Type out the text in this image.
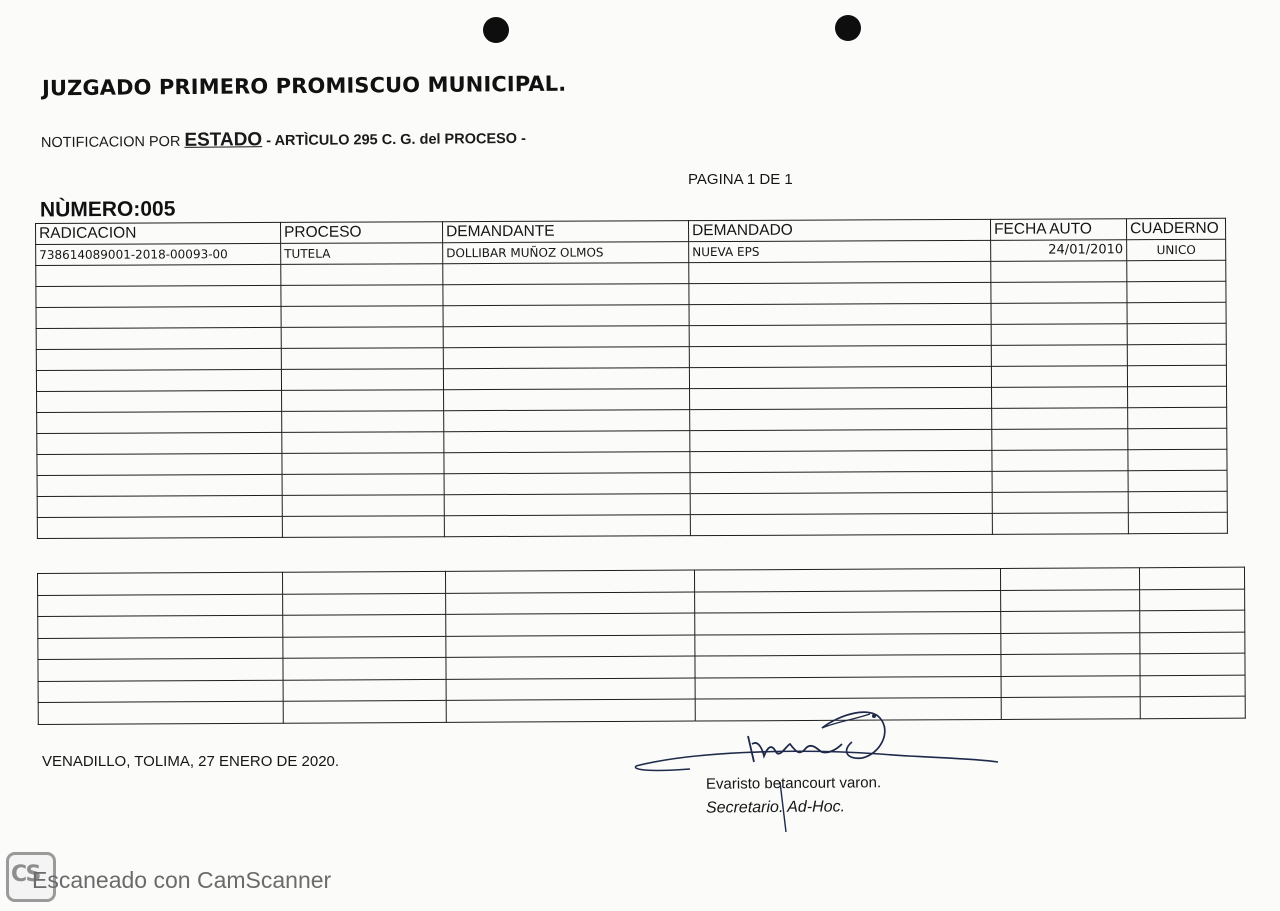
JUZGADO PRIMERO PROMISCUO MUNICIPAL.
NOTIFICACION POR ESTADO - ARTÌCULO 295 C. G. del PROCESO -
PAGINA 1 DE 1
NÙMERO:005
RADICACION	PROCESO	DEMANDANTE	DEMANDADO	FECHA AUTO	CUADERNO
738614089001-2018-00093-00	TUTELA	DOLLIBAR MUÑOZ OLMOS	NUEVA EPS	24/01/2010	UNICO

VENADILLO, TOLIMA, 27 ENERO DE 2020.
Evaristo betancourt varon.
Secretario. Ad-Hoc.
CS
Escaneado con CamScanner
